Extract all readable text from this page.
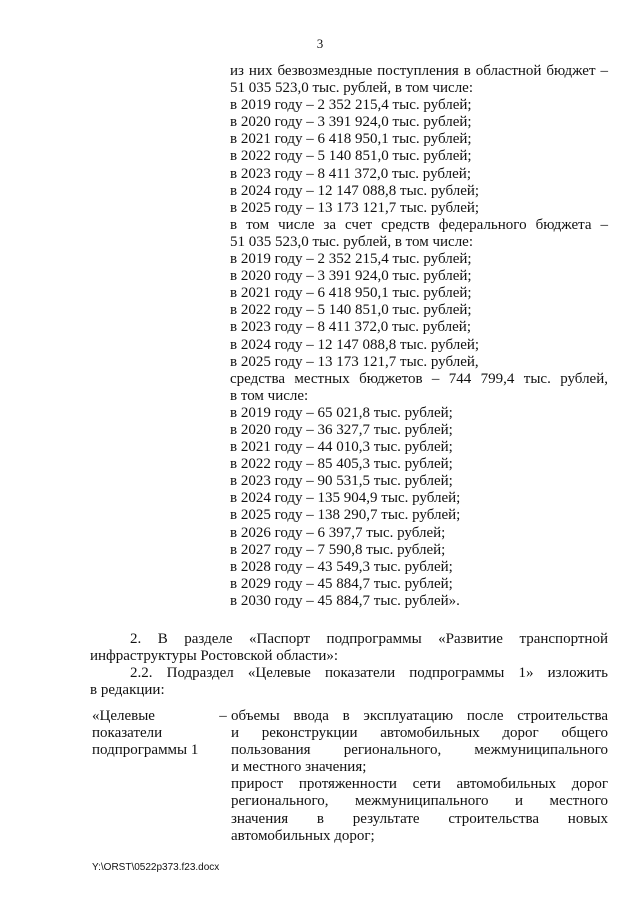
3
из них безвозмездные поступления в областной бюджет –
51 035 523,0 тыс. рублей, в том числе:
в 2019 году – 2 352 215,4 тыс. рублей;
в 2020 году – 3 391 924,0 тыс. рублей;
в 2021 году – 6 418 950,1 тыс. рублей;
в 2022 году – 5 140 851,0 тыс. рублей;
в 2023 году – 8 411 372,0 тыс. рублей;
в 2024 году – 12 147 088,8 тыс. рублей;
в 2025 году – 13 173 121,7 тыс. рублей;
в том числе за счет средств федерального бюджета –
51 035 523,0 тыс. рублей, в том числе:
в 2019 году – 2 352 215,4 тыс. рублей;
в 2020 году – 3 391 924,0 тыс. рублей;
в 2021 году – 6 418 950,1 тыс. рублей;
в 2022 году – 5 140 851,0 тыс. рублей;
в 2023 году – 8 411 372,0 тыс. рублей;
в 2024 году – 12 147 088,8 тыс. рублей;
в 2025 году – 13 173 121,7 тыс. рублей,
средства местных бюджетов – 744 799,4 тыс. рублей,
в том числе:
в 2019 году – 65 021,8 тыс. рублей;
в 2020 году – 36 327,7 тыс. рублей;
в 2021 году – 44 010,3 тыс. рублей;
в 2022 году – 85 405,3 тыс. рублей;
в 2023 году – 90 531,5 тыс. рублей;
в 2024 году – 135 904,9 тыс. рублей;
в 2025 году – 138 290,7 тыс. рублей;
в 2026 году – 6 397,7 тыс. рублей;
в 2027 году – 7 590,8 тыс. рублей;
в 2028 году – 43 549,3 тыс. рублей;
в 2029 году – 45 884,7 тыс. рублей;
в 2030 году – 45 884,7 тыс. рублей».
2. В разделе «Паспорт подпрограммы «Развитие транспортной
инфраструктуры Ростовской области»:
2.2. Подраздел «Целевые показатели подпрограммы 1» изложить
в редакции:
«Целевые
показатели
подпрограммы 1
– объемы ввода в эксплуатацию после строительства
и реконструкции автомобильных дорог общего
пользования регионального, межмуниципального
и местного значения;
прирост протяженности сети автомобильных дорог
регионального, межмуниципального и местного
значения в результате строительства новых
автомобильных дорог;
Y:\ORST\0522p373.f23.docx
